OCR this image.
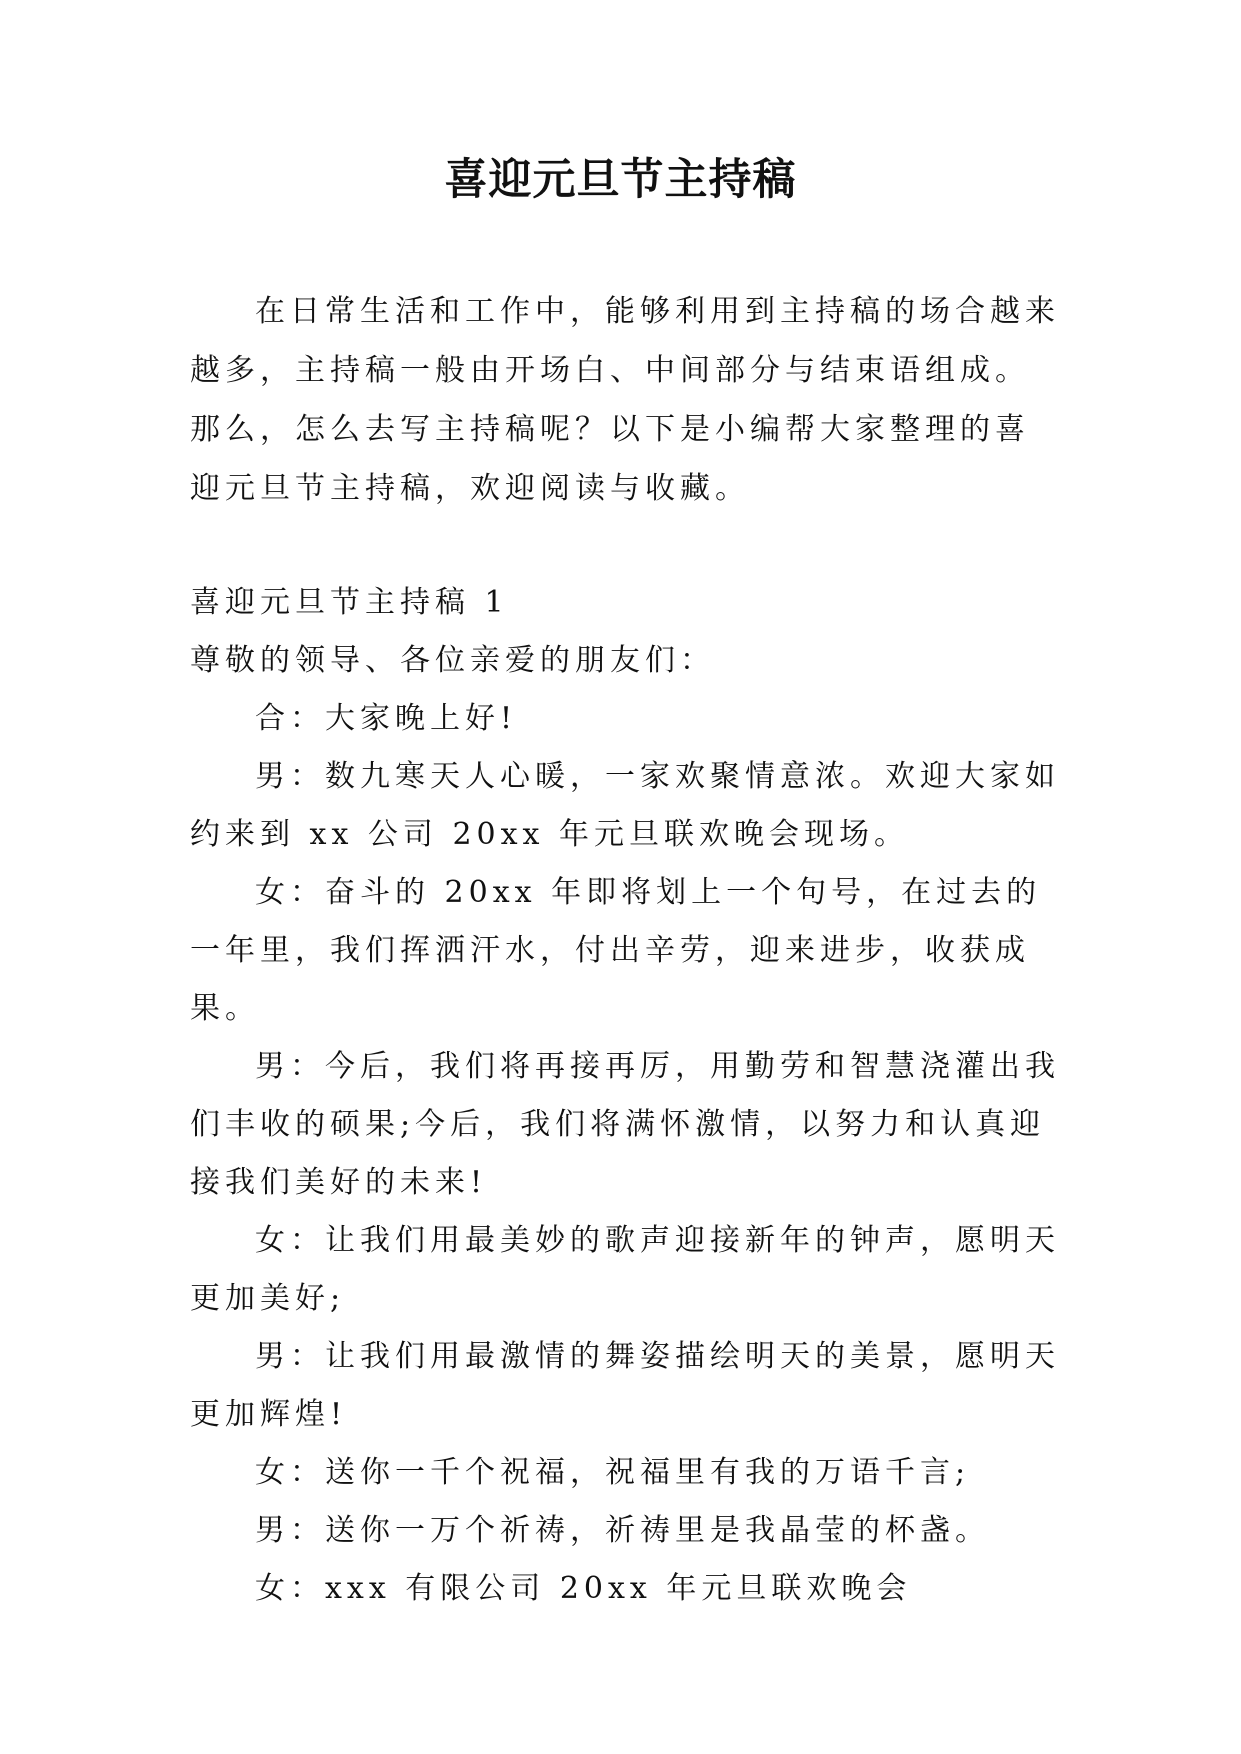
喜迎元旦节主持稿

在日常生活和工作中，能够利用到主持稿的场合越来越多，主持稿一般由开场白、中间部分与结束语组成。那么，怎么去写主持稿呢？以下是小编帮大家整理的喜迎元旦节主持稿，欢迎阅读与收藏。

喜迎元旦节主持稿 1

尊敬的领导、各位亲爱的朋友们：

合：大家晚上好!

男：数九寒天人心暖，一家欢聚情意浓。欢迎大家如约来到 xx 公司 20xx 年元旦联欢晚会现场。

女：奋斗的 20xx 年即将划上一个句号，在过去的一年里，我们挥洒汗水，付出辛劳，迎来进步，收获成果。

男：今后，我们将再接再厉，用勤劳和智慧浇灌出我们丰收的硕果;今后，我们将满怀激情，以努力和认真迎接我们美好的未来!

女：让我们用最美妙的歌声迎接新年的钟声，愿明天更加美好;

男：让我们用最激情的舞姿描绘明天的美景，愿明天更加辉煌!

女：送你一千个祝福，祝福里有我的万语千言;

男：送你一万个祈祷，祈祷里是我晶莹的杯盏。

女：xxx 有限公司 20xx 年元旦联欢晚会
